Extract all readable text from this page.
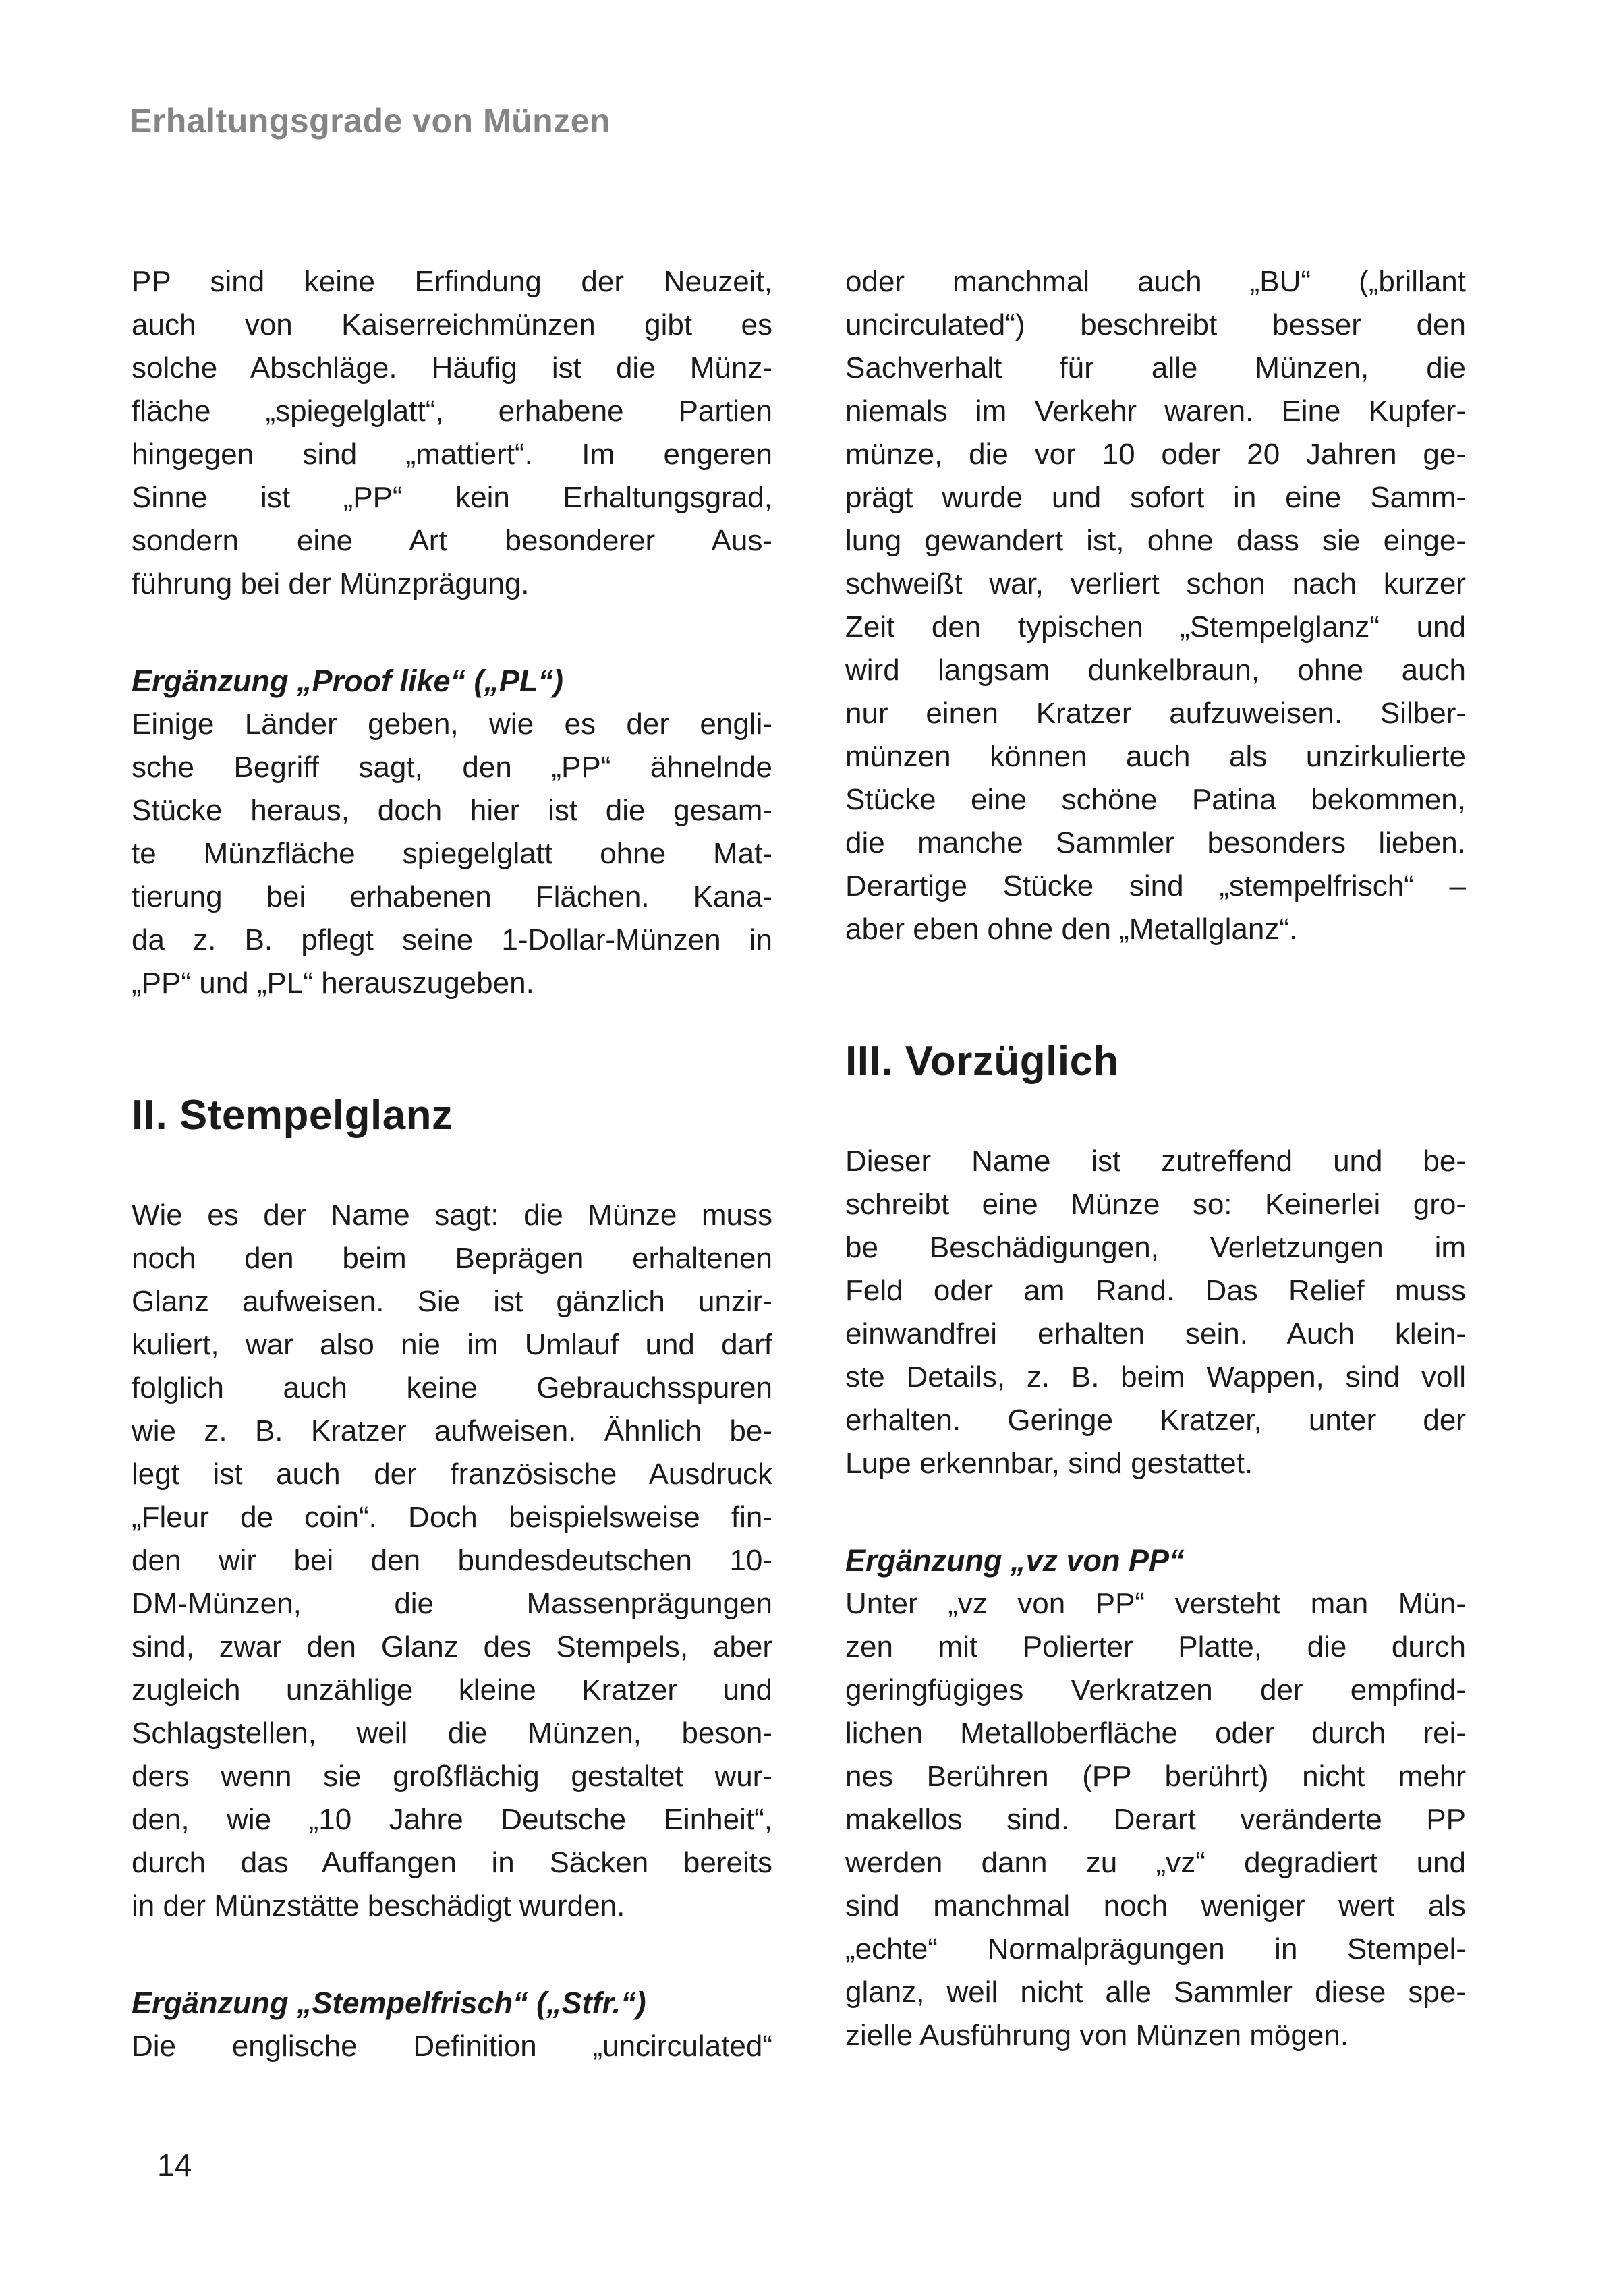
Erhaltungsgrade von Münzen
PP sind keine Erfindung der Neuzeit,
auch von Kaiserreichmünzen gibt es
solche Abschläge. Häufig ist die Münz-
fläche „spiegelglatt“, erhabene Partien
hingegen sind „mattiert“. Im engeren
Sinne ist „PP“ kein Erhaltungsgrad,
sondern eine Art besonderer Aus-
führung bei der Münzprägung.
Ergänzung „Proof like“ („PL“)
Einige Länder geben, wie es der engli-
sche Begriff sagt, den „PP“ ähnelnde
Stücke heraus, doch hier ist die gesam-
te Münzfläche spiegelglatt ohne Mat-
tierung bei erhabenen Flächen. Kana-
da z. B. pflegt seine 1-Dollar-Münzen in
„PP“ und „PL“ herauszugeben.
II. Stempelglanz
Wie es der Name sagt: die Münze muss
noch den beim Beprägen erhaltenen
Glanz aufweisen. Sie ist gänzlich unzir-
kuliert, war also nie im Umlauf und darf
folglich auch keine Gebrauchsspuren
wie z. B. Kratzer aufweisen. Ähnlich be-
legt ist auch der französische Ausdruck
„Fleur de coin“. Doch beispielsweise fin-
den wir bei den bundesdeutschen 10-
DM-Münzen, die Massenprägungen
sind, zwar den Glanz des Stempels, aber
zugleich unzählige kleine Kratzer und
Schlagstellen, weil die Münzen, beson-
ders wenn sie großflächig gestaltet wur-
den, wie „10 Jahre Deutsche Einheit“,
durch das Auffangen in Säcken bereits
in der Münzstätte beschädigt wurden.
Ergänzung „Stempelfrisch“ („Stfr.“)
Die englische Definition „uncirculated“
oder manchmal auch „BU“ („brillant
uncirculated“) beschreibt besser den
Sachverhalt für alle Münzen, die
niemals im Verkehr waren. Eine Kupfer-
münze, die vor 10 oder 20 Jahren ge-
prägt wurde und sofort in eine Samm-
lung gewandert ist, ohne dass sie einge-
schweißt war, verliert schon nach kurzer
Zeit den typischen „Stempelglanz“ und
wird langsam dunkelbraun, ohne auch
nur einen Kratzer aufzuweisen. Silber-
münzen können auch als unzirkulierte
Stücke eine schöne Patina bekommen,
die manche Sammler besonders lieben.
Derartige Stücke sind „stempelfrisch“ –
aber eben ohne den „Metallglanz“.
III. Vorzüglich
Dieser Name ist zutreffend und be-
schreibt eine Münze so: Keinerlei gro-
be Beschädigungen, Verletzungen im
Feld oder am Rand. Das Relief muss
einwandfrei erhalten sein. Auch klein-
ste Details, z. B. beim Wappen, sind voll
erhalten. Geringe Kratzer, unter der
Lupe erkennbar, sind gestattet.
Ergänzung „vz von PP“
Unter „vz von PP“ versteht man Mün-
zen mit Polierter Platte, die durch
geringfügiges Verkratzen der empfind-
lichen Metalloberfläche oder durch rei-
nes Berühren (PP berührt) nicht mehr
makellos sind. Derart veränderte PP
werden dann zu „vz“ degradiert und
sind manchmal noch weniger wert als
„echte“ Normalprägungen in Stempel-
glanz, weil nicht alle Sammler diese spe-
zielle Ausführung von Münzen mögen.
14
